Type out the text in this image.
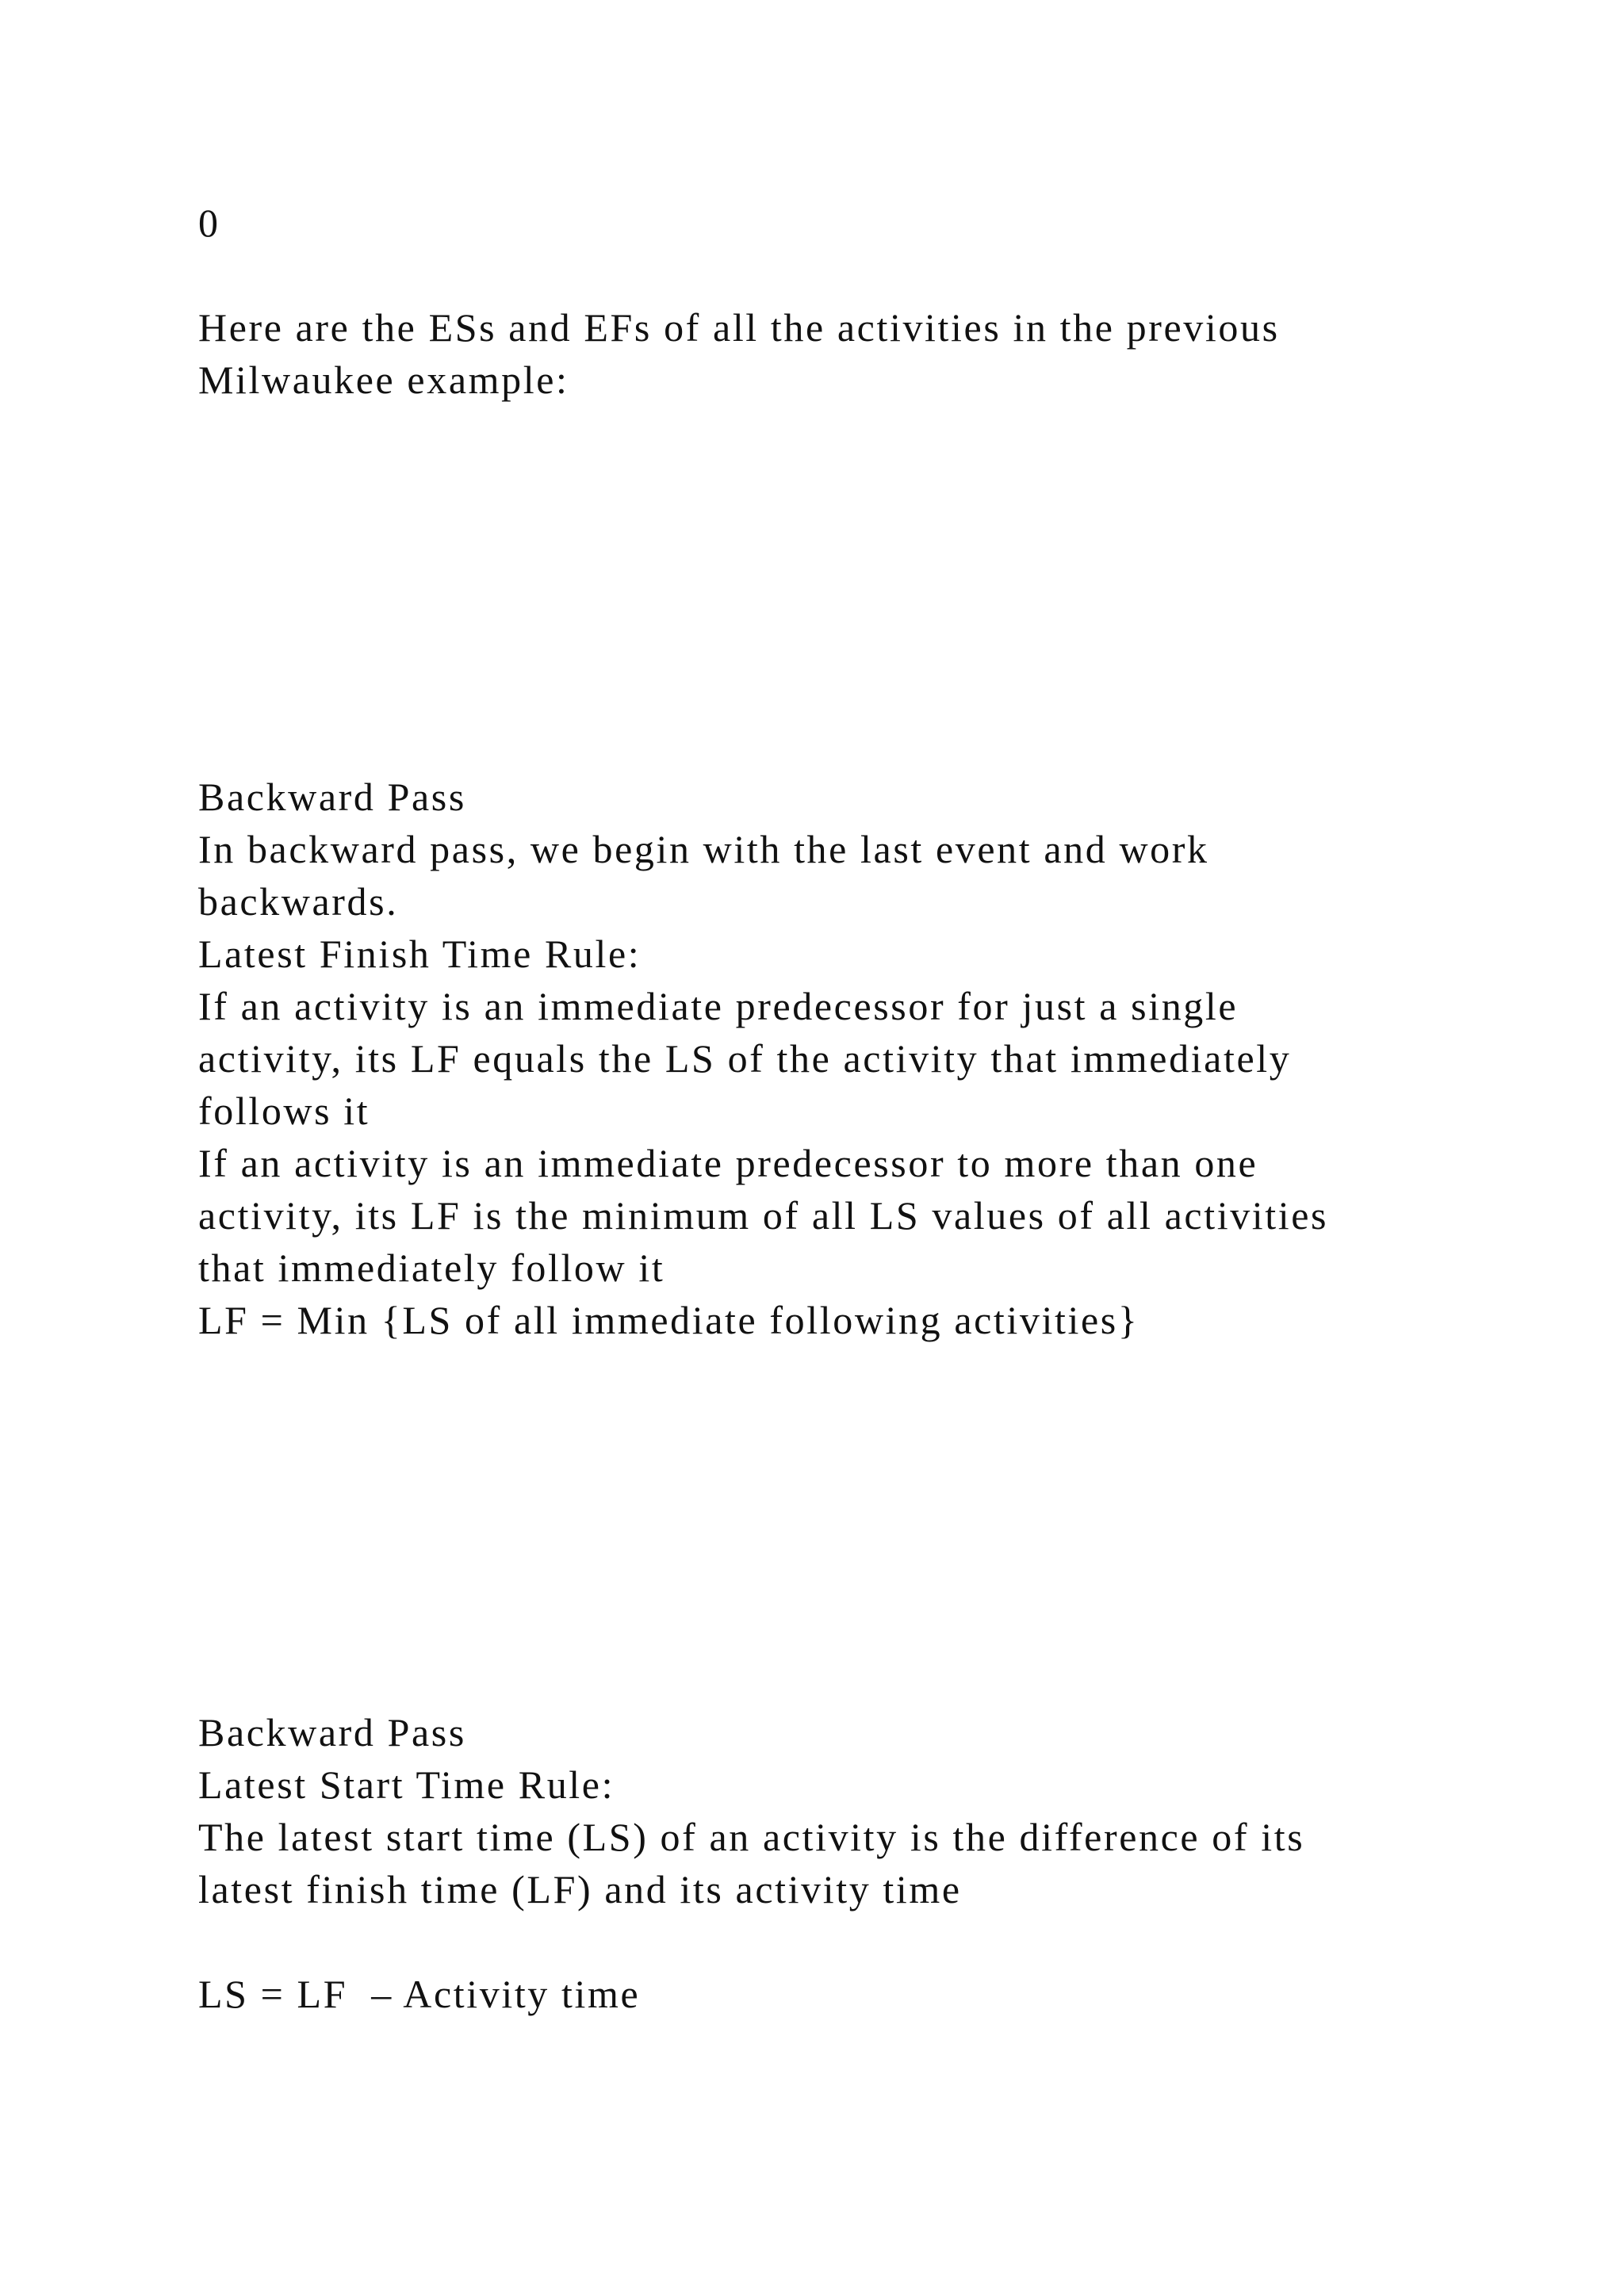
0

Here are the ESs and EFs of all the activities in the previous

Milwaukee example:

Backward Pass

In backward pass, we begin with the last event and work

backwards.

Latest Finish Time Rule:

If an activity is an immediate predecessor for just a single

activity, its LF equals the LS of the activity that immediately

follows it

If an activity is an immediate predecessor to more than one

activity, its LF is the minimum of all LS values of all activities

that immediately follow it

LF = Min {LS of all immediate following activities}

Backward Pass

Latest Start Time Rule:

The latest start time (LS) of an activity is the difference of its

latest finish time (LF) and its activity time

LS = LF  – Activity time
